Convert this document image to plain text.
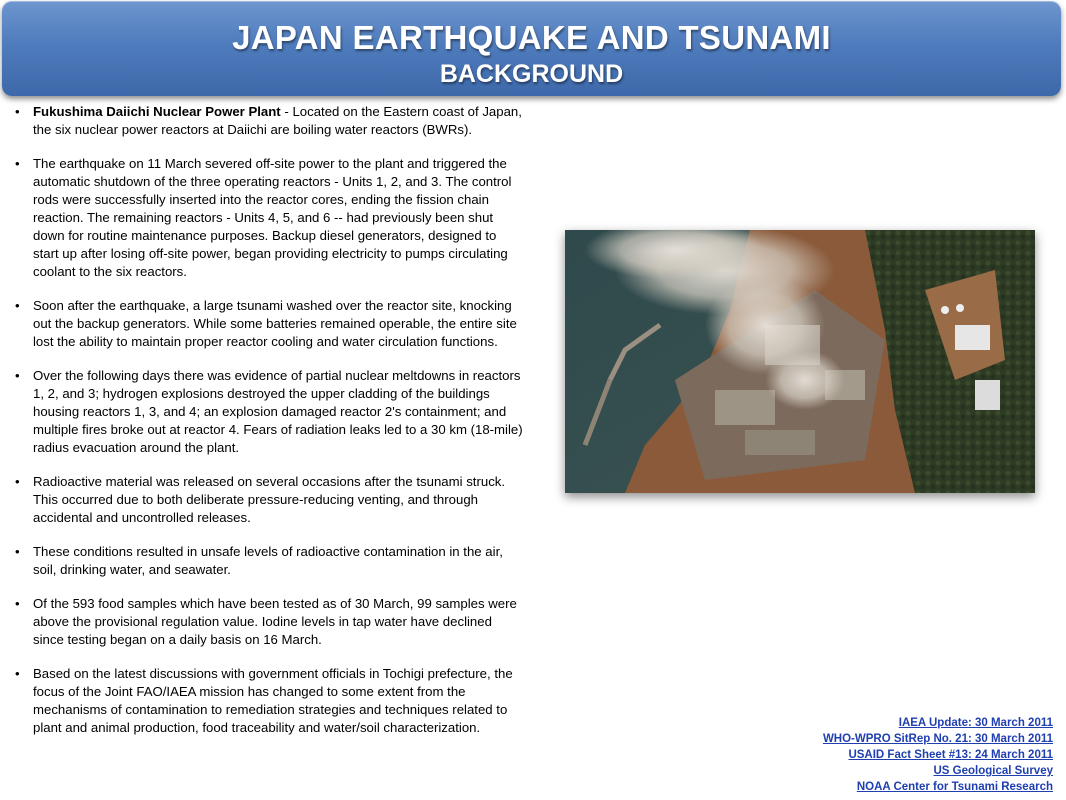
JAPAN EARTHQUAKE AND TSUNAMI
BACKGROUND
• Fukushima Daiichi Nuclear Power Plant - Located on the Eastern coast of Japan, the six nuclear power reactors at Daiichi are boiling water reactors (BWRs).
• The earthquake on 11 March severed off-site power to the plant and triggered the automatic shutdown of the three operating reactors - Units 1, 2, and 3. The control rods were successfully inserted into the reactor cores, ending the fission chain reaction. The remaining reactors - Units 4, 5, and 6 -- had previously been shut down for routine maintenance purposes. Backup diesel generators, designed to start up after losing off-site power, began providing electricity to pumps circulating coolant to the six reactors.
• Soon after the earthquake, a large tsunami washed over the reactor site, knocking out the backup generators. While some batteries remained operable, the entire site lost the ability to maintain proper reactor cooling and water circulation functions.
• Over the following days there was evidence of partial nuclear meltdowns in reactors 1, 2, and 3; hydrogen explosions destroyed the upper cladding of the buildings housing reactors 1, 3, and 4; an explosion damaged reactor 2's containment; and multiple fires broke out at reactor 4. Fears of radiation leaks led to a 30 km (18-mile) radius evacuation around the plant.
• Radioactive material was released on several occasions after the tsunami struck. This occurred due to both deliberate pressure-reducing venting, and through accidental and uncontrolled releases.
• These conditions resulted in unsafe levels of radioactive contamination in the air, soil, drinking water, and seawater.
• Of the 593 food samples which have been tested as of 30 March, 99 samples were above the provisional regulation value. Iodine levels in tap water have declined since testing began on a daily basis on 16 March.
• Based on the latest discussions with government officials in Tochigi prefecture, the focus of the Joint FAO/IAEA mission has changed to some extent from the mechanisms of contamination to remediation strategies and techniques related to plant and animal production, food traceability and water/soil characterization.	IAEA Update: 30 March 2011
WHO-WPRO SitRep No. 21: 30 March 2011
USAID Fact Sheet #13: 24 March 2011
US Geological Survey
NOAA Center for Tsunami Research
